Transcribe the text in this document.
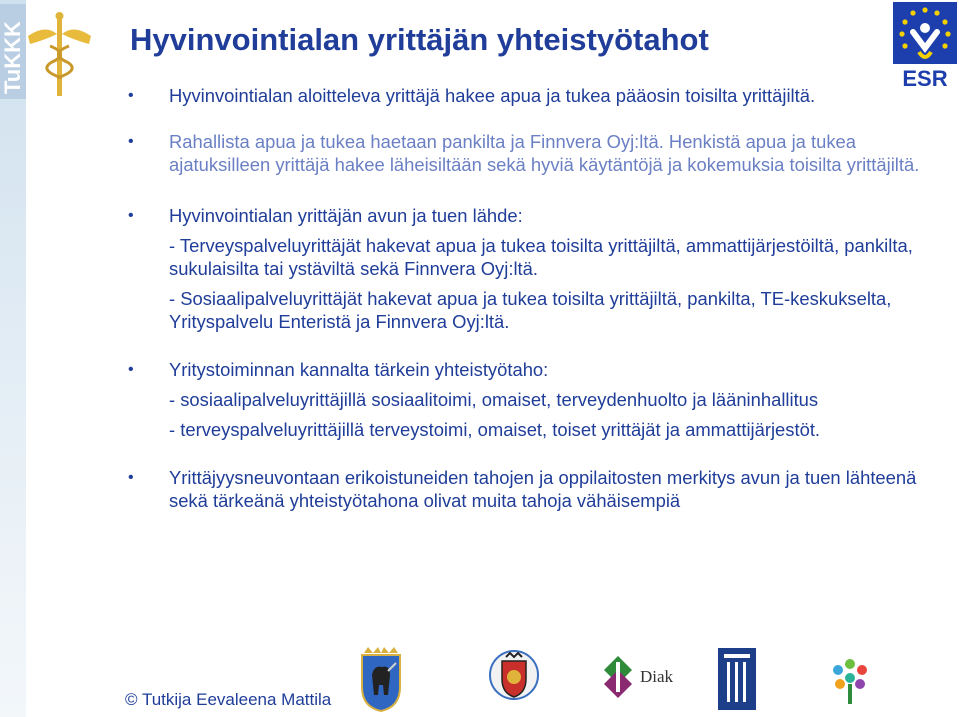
TuKKK	ESR
Hyvinvointialan yrittäjän yhteistyötahot
• Hyvinvointialan aloitteleva yrittäjä hakee apua ja tukea pääosin toisilta yrittäjiltä.
• Rahallista apua ja tukea haetaan pankilta ja Finnvera Oyj:ltä. Henkistä apua ja tukea ajatuksilleen yrittäjä hakee läheisiltään sekä hyviä käytäntöjä ja kokemuksia toisilta yrittäjiltä.
• Hyvinvointialan yrittäjän avun ja tuen lähde:
- Terveyspalveluyrittäjät hakevat apua ja tukea toisilta yrittäjiltä, ammattijärjestöiltä, pankilta, sukulaisilta tai ystäviltä sekä Finnvera Oyj:ltä.
- Sosiaalipalveluyrittäjät hakevat apua ja tukea toisilta yrittäjiltä, pankilta, TE-keskukselta, Yrityspalvelu Enteristä ja Finnvera Oyj:ltä.
• Yritystoiminnan kannalta tärkein yhteistyötaho:
- sosiaalipalveluyrittäjillä sosiaalitoimi, omaiset, terveydenhuolto ja lääninhallitus
- terveyspalveluyrittäjillä terveystoimi, omaiset, toiset yrittäjät ja ammattijärjestöt.
• Yrittäjyysneuvontaan erikoistuneiden tahojen ja oppilaitosten merkitys avun ja tuen lähteenä sekä tärkeänä yhteistyötahona olivat muita tahoja vähäisempiä
© Tutkija Eevaleena Mattila
Diak
